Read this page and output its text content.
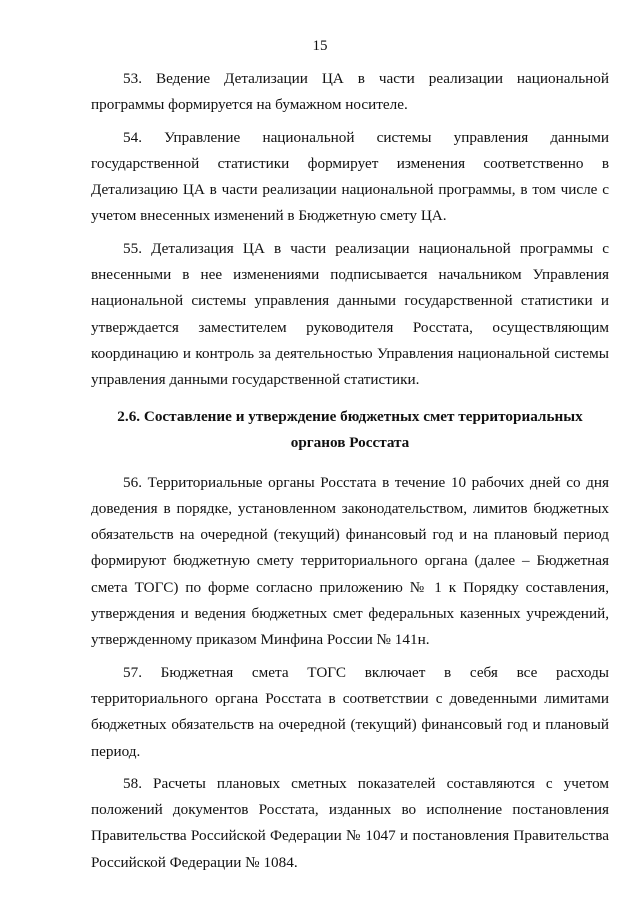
15

53. Ведение Детализации ЦА в части реализации национальной программы формируется на бумажном носителе.

54. Управление национальной системы управления данными государственной статистики формирует изменения соответственно в Детализацию ЦА в части реализации национальной программы, в том числе с учетом внесенных изменений в Бюджетную смету ЦА.

55. Детализация ЦА в части реализации национальной программы с внесенными в нее изменениями подписывается начальником Управления национальной системы управления данными государственной статистики и утверждается заместителем руководителя Росстата, осуществляющим координацию и контроль за деятельностью Управления национальной системы управления данными государственной статистики.

2.6. Составление и утверждение бюджетных смет территориальных органов Росстата

56. Территориальные органы Росстата в течение 10 рабочих дней со дня доведения в порядке, установленном законодательством, лимитов бюджетных обязательств на очередной (текущий) финансовый год и на плановый период формируют бюджетную смету территориального органа (далее – Бюджетная смета ТОГС) по форме согласно приложению № 1 к Порядку составления, утверждения и ведения бюджетных смет федеральных казенных учреждений, утвержденному приказом Минфина России № 141н.

57. Бюджетная смета ТОГС включает в себя все расходы территориального органа Росстата в соответствии с доведенными лимитами бюджетных обязательств на очередной (текущий) финансовый год и плановый период.

58. Расчеты плановых сметных показателей составляются с учетом положений документов Росстата, изданных во исполнение постановления Правительства Российской Федерации № 1047 и постановления Правительства Российской Федерации № 1084.
